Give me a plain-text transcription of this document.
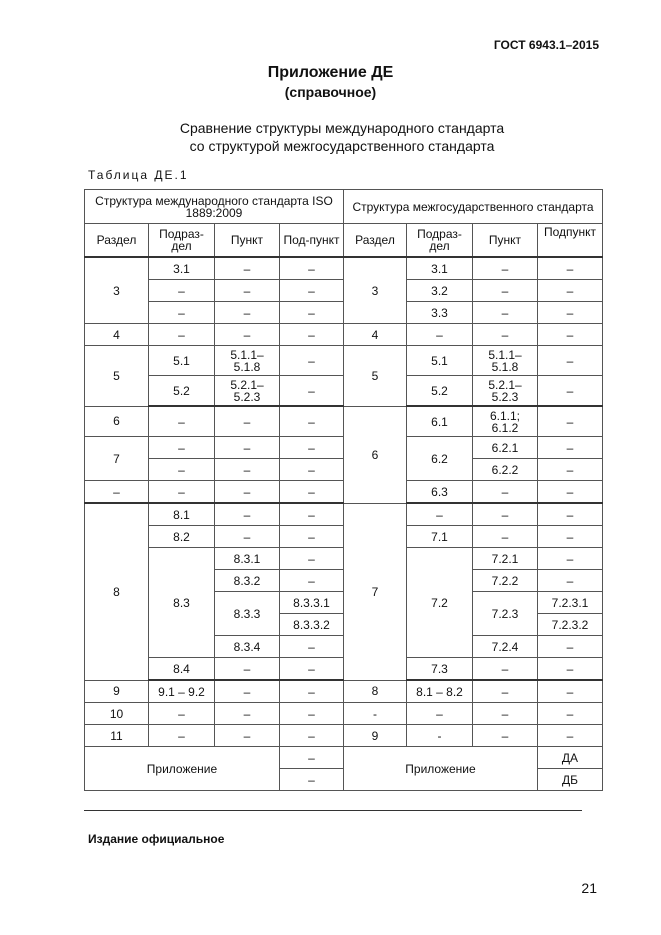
ГОСТ 6943.1–2015
Приложение ДЕ
(справочное)
Сравнение структуры международного стандарта
со структурой межгосударственного стандарта
Таблица ДЕ.1
Структура международного стандарта ISO 1889:2009				Структура межгосударственного стандарта			
Раздел	Подраз-дел	Пункт	Под-пункт	Раздел	Подраз-дел	Пункт	Подпункт
3	3.1	–	–	3	3.1	–	–
	–	–	–		3.2	–	–
	–	–	–		3.3	–	–
4	–	–	–	4	–	–	–
5	5.1	5.1.1–5.1.8	–	5	5.1	5.1.1–5.1.8	–
	5.2	5.2.1–5.2.3	–		5.2	5.2.1–5.2.3	–
6	–	–	–	6	6.1	6.1.1; 6.1.2	–
7	–	–	–		6.2	6.2.1	–
	–	–	–			6.2.2	–
–	–	–	–		6.3	–	–
8	8.1	–	–	7	–	–	–
	8.2	–	–		7.1	–	–
	8.3	8.3.1	–		7.2	7.2.1	–
		8.3.2	–			7.2.2	–
		8.3.3	8.3.3.1			7.2.3	7.2.3.1
			8.3.3.2				7.2.3.2
		8.3.4	–			7.2.4	–
	8.4	–	–		7.3	–	–
9	9.1 – 9.2	–	–	8	8.1 – 8.2	–	–
10	–	–	–	-	–	–	–
11	–	–	–	9	-	–	–
Приложение			–	Приложение			ДА
			–				ДБ
Издание официальное
21
